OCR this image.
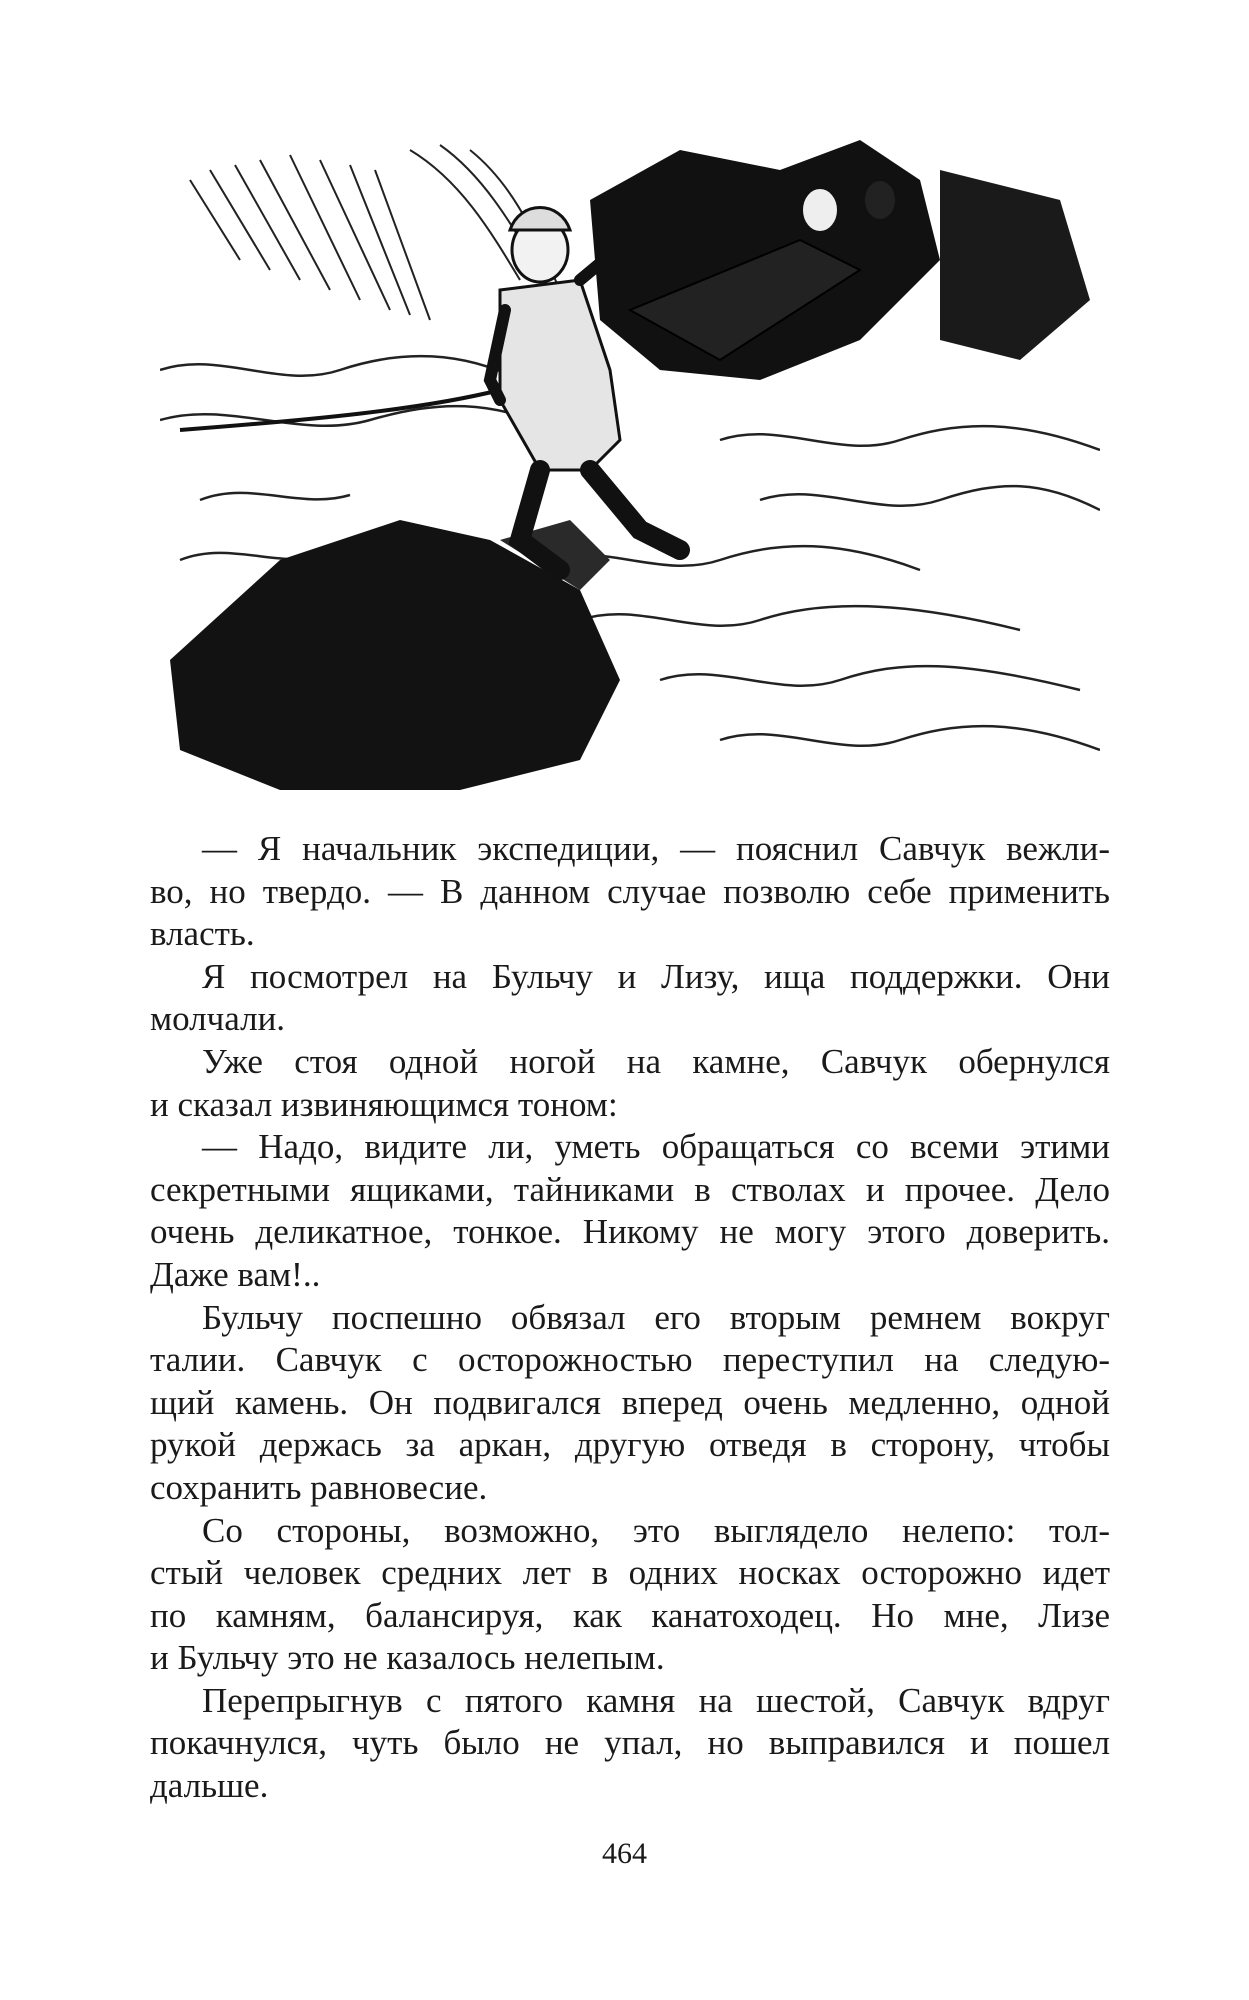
— Я начальник экспедиции, — пояснил Савчук вежли-
во, но твердо. — В данном случае позволю себе применить
власть.
Я посмотрел на Бульчу и Лизу, ища поддержки. Они
молчали.
Уже стоя одной ногой на камне, Савчук обернулся
и сказал извиняющимся тоном:
— Надо, видите ли, уметь обращаться со всеми этими
секретными ящиками, тайниками в стволах и прочее. Дело
очень деликатное, тонкое. Никому не могу этого доверить.
Даже вам!..
Бульчу поспешно обвязал его вторым ремнем вокруг
талии. Савчук с осторожностью переступил на следую-
щий камень. Он подвигался вперед очень медленно, одной
рукой держась за аркан, другую отведя в сторону, чтобы
сохранить равновесие.
Со стороны, возможно, это выглядело нелепо: тол-
стый человек средних лет в одних носках осторожно идет
по камням, балансируя, как канатоходец. Но мне, Лизе
и Бульчу это не казалось нелепым.
Перепрыгнув с пятого камня на шестой, Савчук вдруг
покачнулся, чуть было не упал, но выправился и пошел
дальше.
464
